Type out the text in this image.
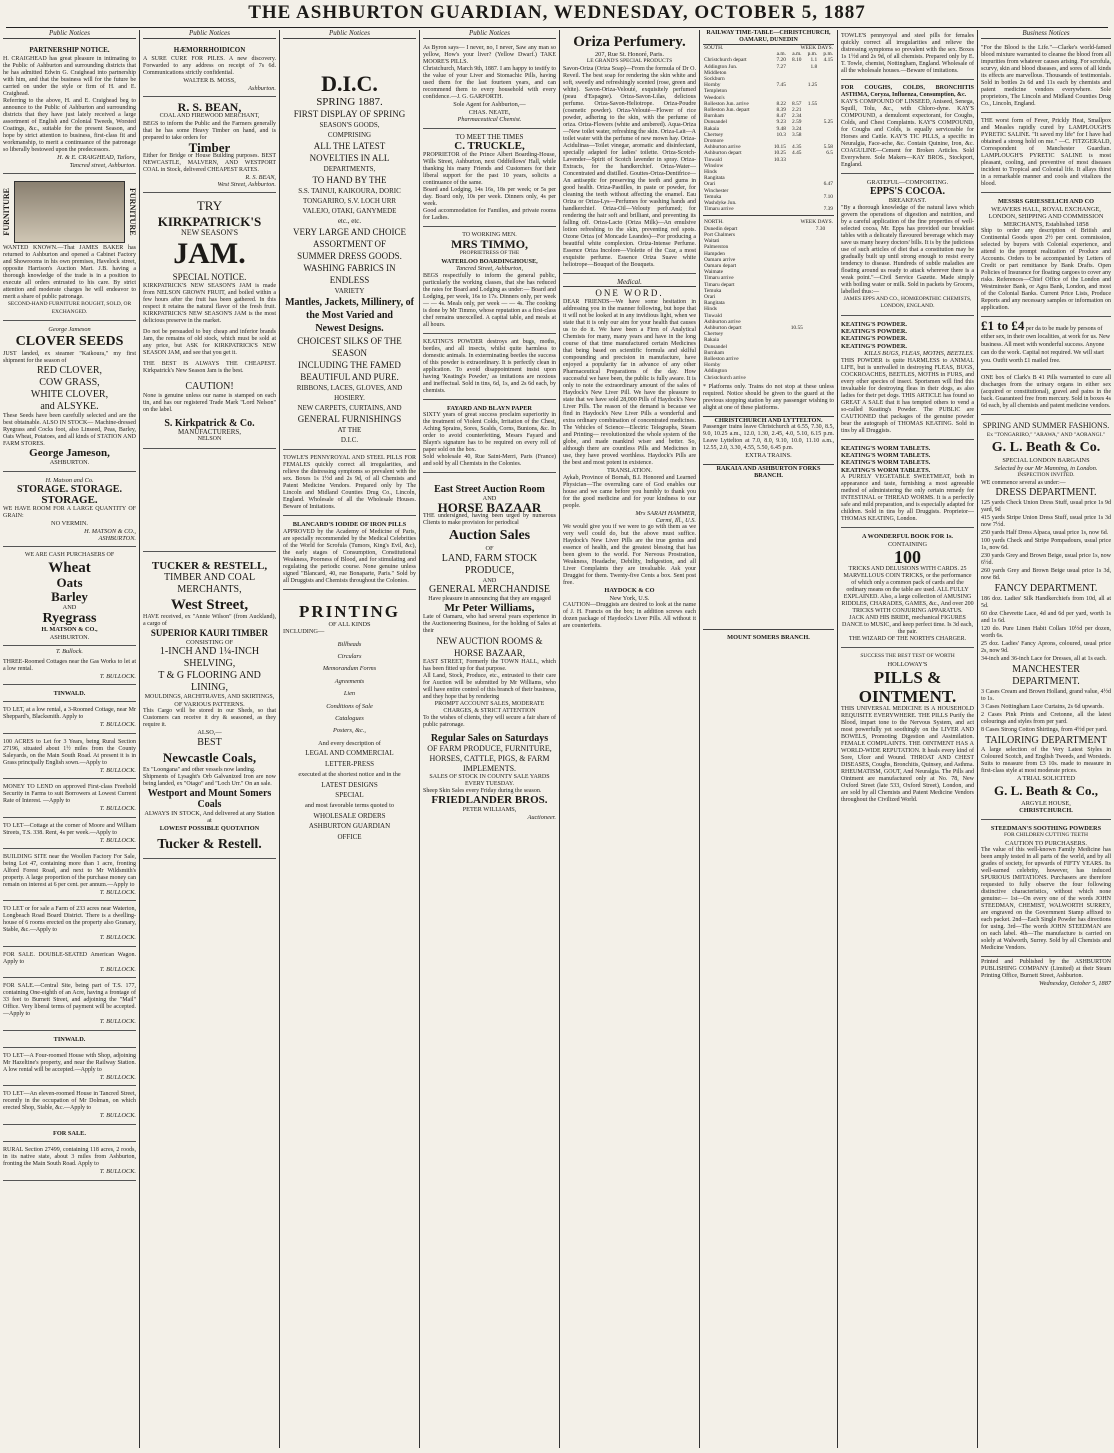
THE ASHBURTON GUARDIAN, WEDNESDAY, OCTOBER 5, 1887
Public Notices
PARTNERSHIP NOTICE.
H. CRAIGHEAD has great pleasure in intimating to the Public of Ashburton and surrounding districts that he has admitted Edwin G. Craighead into partnership with him, and that the business will for the future be carried on under the style or firm of H. and E. Craighead.
Referring to the above, H. and E. Craighead beg to announce to the Public of Ashburton and surrounding districts that they have just lately received a large assortment of English and Colonial Tweeds, Worsted Coatings, &c., suitable for the present Season, and hope by strict attention to business, first-class fit and workmanship, to merit a continuance of the patronage so liberally bestowed upon the predecessors.
H. & E. CRAIGHEAD, Tailors,
Tancred street, Ashburton.
FURNITURE	FURNITURE
WANTED KNOWN.—That JAMES BAKER has returned to Ashburton and opened a Cabinet Factory and Showrooms in his own premises, Havelock street, opposite Harrison's Auction Mart. J.B. having a thorough knowledge of the trade is in a position to execute all orders entrusted to his care. By strict attention and moderate charges he will endeavor to merit a share of public patronage.
SECOND-HAND FURNITURE BOUGHT, SOLD, OR EXCHANGED.
George Jameson
CLOVER SEEDS
JUST landed, ex steamer "Kaikoura," my first shipment for the season of
RED CLOVER,
COW GRASS,
WHITE CLOVER,
and ALSYKE.
These Seeds have been carefully selected and are the best obtainable. ALSO IN STOCK— Machine-dressed Ryegrass and Cocks foot, also Linseed, Peas, Barley, Oats Wheat, Potatoes, and all kinds of STATION AND FARM STORES.
George Jameson,
ASHBURTON.
H. Matson and Co.
STORAGE. STORAGE.
STORAGE.
WE HAVE ROOM FOR A LARGE QUANTITY OF GRAIN:
NO VERMIN.
H. MATSON & CO.,
ASHBURTON.
WE ARE CASH PURCHASERS OF
Wheat
Oats
Barley
AND
Ryegrass
H. MATSON & CO.,
ASHBURTON.
T. Bullock.
THREE-Roomed Cottages near the Gas Works to let at a low rental.
T. BULLOCK.
TINWALD.
TO LET, at a low rental, a 3-Roomed Cottage, near Mr Sheppard's, Blacksmith. Apply to
T. BULLOCK.
100 ACRES to Let for 3 Years, being Rural Section 27196, situated about 1½ miles from the County Saleyards, on the Main South Road. At present it is in Grass principally English sown.—Apply to
T. BULLOCK.
MONEY TO LEND on approved First-class Freehold Security in Farms to suit Borrowers at Lowest Current Rate of Interest. —Apply to
T. BULLOCK.
TO LET—Cottage at the corner of Moore and William Streets, T.S. 338. Rent, 4s per week.—Apply to
T. BULLOCK.
BUILDING SITE near the Woollen Factory For Sale, being Lot 47, containing more than 1 acre, fronting Alford Forest Road, and next to Mr Wildsmith's property. A large proportion of the purchase money can remain on interest at 6 per cent. per annum.—Apply to
T. BULLOCK.
TO LET or for sale a Farm of 233 acres near Waterton, Longbeach Road Board District. There is a dwelling-house of 6 rooms erected on the property also Granary, Stable, &c.—Apply to
T. BULLOCK.
FOR SALE. DOUBLE-SEATED American Wagon. Apply to
T. BULLOCK.
FOR SALE.—Central Site, being part of T.S. 177, containing One-eighth of an Acre, having a frontage of 33 feet to Burnett Street, and adjoining the "Mail" Office. Very liberal terms of payment will be accepted.—Apply to
T. BULLOCK.
TINWALD.
TO LET—A Four-roomed House with Shop, adjoining Mr Hazeltine's property, and near the Railway Station. A low rental will be accepted.—Apply to
T. BULLOCK.
TO LET—An eleven-roomed House in Tancred Street, recently in the occupation of Mr Dolman, on which erected Shop, Stable, &c.—Apply to
T. BULLOCK.
FOR SALE.
RURAL Section 27499, containing 118 acres, 2 roods, in its native state, about 3 miles from Ashburton, fronting the Main South Road. Apply to
T. BULLOCK.
Public Notices
HÆMORRHOIDICON
A SURE CURE FOR PILES. A new discovery. Forwarded to any address on receipt of 7s 6d. Communications strictly confidential.
WALTER B. MOSS,
Ashburton.
R. S. BEAN,
COAL AND FIREWOOD MERCHANT,
BEGS to inform the Public and the Farmers generally that he has some Heavy Timber on hand, and is prepared to take orders for
Timber
Either for Bridge or House Building purposes. BEST NEWCASTLE, MALVERN, AND WESTPORT COAL in Stock, delivered CHEAPEST RATES.
R. S. BEAN,
West Street, Ashburton.
TRY
KIRKPATRICK'S
NEW SEASON'S
JAM.
SPECIAL NOTICE.
KIRKPATRICK'S NEW SEASON'S JAM is made from NELSON GROWN FRUIT, and boiled within a few hours after the fruit has been gathered. In this respect it retains the natural flavor of the fresh fruit. KIRKPATRICK'S NEW SEASON'S JAM is the most delicious preserve in the market.
Do not be persuaded to buy cheap and inferior brands Jam, the remains of old stock, which must be sold at any price, but ASK for KIRKPATRICK'S NEW SEASON JAM, and see that you get it.
THE BEST IS ALWAYS THE CHEAPEST. Kirkpatrick's New Season Jam is the best.
CAUTION!
None is genuine unless our name is stamped on each tin, and has our registered Trade Mark "Lord Nelson" on the label.
S. Kirkpatrick & Co.
MANUFACTURERS,
NELSON
TUCKER & RESTELL,
TIMBER AND COAL
MERCHANTS,
West Street,
HAVE received, ex "Annie Wilson" (from Auckland), a cargo of
SUPERIOR KAURI TIMBER
CONSISTING OF
1-INCH AND 1¼-INCH
SHELVING,
T & G FLOORING AND
LINING,
MOULDINGS, ARCHITRAVES, AND SKIRTINGS,
OF VARIOUS PATTERNS.
This Cargo will be stored in our Sheds, so that Customers can receive it dry & seasoned, as they require it.
ALSO,—
BEST
Newcastle Coals,
Ex "Loongana" and other vessels now landing.
Shipments of Lysaght's Orb Galvanized Iron are now being landed, ex "Otago" and "Loch Urr." On an sale.
Westport and Mount Somers
Coals
ALWAYS IN STOCK, And delivered at any Station at
LOWEST POSSIBLE QUOTATION
Tucker & Restell.
Public Notices
D.I.C.
SPRING 1887.
FIRST DISPLAY OF SPRING
SEASON'S GOODS,
COMPRISING
ALL THE LATEST
NOVELTIES IN ALL
DEPARTMENTS,
TO HAND BY THE
S.S. TAINUI, KAIKOURA, DORIC
TONGARIRO, S.V. LOCH URR
VALEJO, OTAKI, GANYMEDE
etc., etc.
VERY LARGE AND CHOICE
ASSORTMENT OF
SUMMER DRESS GOODS.
WASHING FABRICS IN ENDLESS
VARIETY
Mantles, Jackets, Millinery, of
the Most Varied and
Newest Designs.
CHOICEST SILKS OF THE SEASON
INCLUDING THE FAMED
BEAUTIFUL AND PURE.
RIBBONS, LACES, GLOVES, AND
HOSIERY.
NEW CARPETS, CURTAINS, AND
GENERAL FURNISHINGS
AT THE
D.I.C.
TOWLE'S PENNYROYAL AND STEEL PILLS FOR FEMALES quickly correct all irregularities, and relieve the distressing symptoms so prevalent with the sex. Boxes 1s 1½d and 2s 9d, of all Chemists and Patent Medicine Vendors. Prepared only by The Lincoln and Midland Counties Drug Co., Lincoln, England. Wholesale of all the Wholesale Houses. Beware of Imitations.
BLANCARD'S IODIDE OF IRON PILLS
APPROVED by the Academy of Medicine of Paris, are specially recommended by the Medical Celebrities of the World for Scrofula (Tumors, King's Evil, &c), the early stages of Consumption, Constitutional Weakness, Poorness of Blood, and for stimulating and regulating the periodic course. None genuine unless signed "Blancard, 40, rue Bonaparte, Paris." Sold by all Druggists and Chemists throughout the Colonies.
PRINTING
OF ALL KINDS
INCLUDING—
Billheads
Circulars
Memorandum Forms
Agreements
Lien
Conditions of Sale
Catalogues
Posters, &c.,
And every description of
LEGAL AND COMMERCIAL
LETTER-PRESS
executed at the shortest notice and in the
LATEST DESIGNS
SPECIAL
and most favorable terms quoted to
WHOLESALE ORDERS
ASHBURTON GUARDIAN
OFFICE
Public Notices
As Byron says— I never, no, I never, Saw any man so yellow, How's your liver? (Yellow Dwarf.) TAKE MOORE'S PILLS.
Christchurch, March 9th, 1887. I am happy to testify to the value of your Liver and Stomachic Pills, having used them for the last fourteen years, and can recommend them to every household with every confidence.—J. G. GARFORTH.
Sole Agent for Ashburton,—
CHAS. NEATE,
Pharmaceutical Chemist.
TO MEET THE TIMES
C. TRUCKLE,
PROPRIETOR of the Prince Albert Boarding-House, Wills Street, Ashburton, next Oddfellows' Hall, while thanking his many Friends and Customers for their liberal support for the past 10 years, solicits a continuance of the same.
Board and Lodging, 14s 16s, 18s per week; or 5s per day. Board only, 10s per week. Dinners only, 4s per week.
Good accommodation for Families, and private rooms for Ladies.
TO WORKING MEN.
MRS TIMMO,
PROPRIETRESS OF THE
WATERLOO BOARDINGHOUSE,
Tancred Street, Ashburton,
BEGS respectfully to inform the general public, particularly the working classes, that she has reduced the rates for Board and Lodging as under:— Board and Lodging, per week, 16s to 17s. Dinners only, per week — — 4s. Meals only, per week — — 4s. The cooking is done by Mr Timmo, whose reputation as a first-class chef remains unexcelled. A capital table, and meals at all hours.
KEATING'S POWDER destroys ant bugs, moths, beetles, and all insects, whilst quite harmless to domestic animals. In exterminating beetles the success of this powder is extraordinary. It is perfectly clean in application. To avoid disappointment insist upon having 'Keating's Powder,' as imitations are noxious and ineffectual. Sold in tins, 6d, 1s, and 2s 6d each, by chemists.
FAYARD AND BLAYN PAPER
SIXTY years of great success proclaim superiority in the treatment of Violent Colds, Irritation of the Chest, Aching Sprains, Sores, Scalds, Corns, Bunions, &c. In order to avoid counterfeiting, Messrs Fayard and Blayn's signature has to be required on every roll of paper sold on the box.
Sold wholesale 40, Rue Saint-Merri, Paris (France) and sold by all Chemists in the Colonies.
East Street Auction Room
AND
HORSE BAZAAR
THE undersigned, having been urged by numerous Clients to make provision for periodical
Auction Sales
OF
LAND, FARM STOCK
PRODUCE,
AND
GENERAL MERCHANDISE
Have pleasure in announcing that they are engaged
Mr Peter Williams,
Late of Oamaru, who had several years experience in the Auctioneering Business, for the holding of Sales at their
NEW AUCTION ROOMS &
HORSE BAZAAR,
EAST STREET, Formerly the TOWN HALL, which has been fitted up for that purpose.
All Land, Stock, Produce, etc., entrusted to their care for Auction will be submitted by Mr Williams, who will have entire control of this branch of their business, and they hope that by rendering
PROMPT ACCOUNT SALES, MODERATE CHARGES, & STRICT ATTENTION
To the wishes of clients, they will secure a fair share of public patronage.
Regular Sales on Saturdays
OF FARM PRODUCE, FURNITURE, HORSES, CATTLE, PIGS, & FARM IMPLEMENTS.
SALES OF STOCK IN COUNTY SALE YARDS EVERY TUESDAY.
Sheep Skin Sales every Friday during the season.
FRIEDLANDER BROS.
PETER WILLIAMS,
Auctioneer.
Oriza Perfumery.
207, Rue St. Honoré, Paris.
LE GRAND'S SPECIAL PRODUCTS
Savon-Oriza (Oriza Soap)—From the formula of Dr O. Reveil. The best soap for rendering the skin white and soft, sweetly and refreshingly scented (rose, green and white). Savon-Oriza-Velouté, exquisitely perfumed (peau d'Espagne). Oriza-Savon-Lilas, delicious perfume. Oriza-Savon-Heliotrope. Oriza-Poudre (cosmetic powder). Oriza-Velouté—Flower of rice powder, adhering to the skin, with the perfume of oriza. Oriza-Flowers (white and ambered). Aqua-Oriza—New toilet water, refreshing the skin. Oriza-Lait—A toilet water with the perfume of new mown hay. Oriza-Acidulinas—Toilet vinegar, aromatic and disinfectant, specially adapted for ladies' toilette. Oriza-Scotch-Lavender—Spirit of Scotch lavender in spray. Oriza-Extracts, for the handkerchief. Oriza-Water—Concentrated and distilled. Gouttes-Oriza-Dentifrice—An antiseptic for preserving the teeth and gums in good health. Oriza-Pastilles, in paste or powder, for cleaning the teeth without affecting the enamel. Eau Oriza or Oriza-Lys—Perfumes for washing hands and handkerchief. Oriza-Oil—Velouty perfumed; for rendering the hair soft and brilliant, and preventing its falling off. Oriza-Lacto (Oriza Milk)—An emulsive lotion refreshing to the skin, preventing red spots. Ozone Oriza (of Moncade Leandes)—For producing a beautiful white complexion. Oriza-Intense Perfume. Essence Oriza Incolore—Violette of the Czar, a most exquisite perfume. Essence Oriza Suave white heliotrope—Bouquet of the Bouquets.
Medical.
ONE WORD.
DEAR FRIENDS—We have some hesitation in addressing you in the manner following, but hope that it will not be looked at in any invidious light, when we state that it is only our aim for your health that causes us to do it. We have been a Firm of Analytical Chemists for many, many years and have in the long course of that time manufactured certain Medicines that being based on scientific formula and skilful compounding and precision in manufacture, have enjoyed a popularity far in advance of any other Pharmaceutical Preparations of the day. How successful we have been, the public is fully aware. It is only to note the extraordinary amount of the sales of Haydock's New Liver Pill. We have the pleasure to state that we have sold 28,000 Pills of Haydock's New Liver Pills. The reason of the demand is because we find in Haydock's New Liver Pills a wonderful and extra ordinary combination of concentrated medicines. The Vehicles of Science—Electric Telegraphs, Steam and Printing— revolutionized the whole system of the globe, and made mankind wiser and better. So, although there are countless Pills and Medicines in use, they have proved worthless. Haydock's Pills are the best and most potent in existence.
TRANSLATION.
Aykab, Province of Bornah, B.I. Honored and Learned Physician—The overruling care of God enables our house and we came before you humbly to thank you for the good medicine and for your kindness to our people.
Mrs SARAH HAMMER,
Carmi, Ill., U.S.
We would give you if we were to go with them as we very well could do, but the above must suffice. Haydock's New Liver Pills are the true genius and essence of health, and the greatest blessing that has been given to the world. For Nervous Prostration, Weakness, Headache, Debility, Indigestion, and all Liver Complaints they are invaluable. Ask your Druggist for them. Twenty-five Cents a box. Sent post free.
HAYDOCK & CO
New York, U.S.
CAUTION—Druggists are desired to look at the name of J. H. Francis on the box; in addition screws each dozen package of Haydock's Liver Pills. All without it are counterfeits.
RAILWAY TIME-TABLE—CHRISTCHURCH, OAMARU, DUNEDIN
SOUTH.	WEEK DAYS.			
	a.m.	a.m.	p.m.	p.m.
Christchurch depart	7.20	8.10	1.1	4.15
Addington Jun.	7.27		1.8	
Middleton				
Sockburn				
Hornby	7.45		1.25	
Templeton				
Weedon's				
Rolleston Jun. arrive	8.22	8.57	1.55	
Rolleston Jun. depart	8.39	2.21		
Burnham	8.47	2.34		
Dunsandel	9.23	2.59		5.25
Rakaia	9.48	3.24		
Chertsey	10.3	3.58		
Dromore				
Ashburton arrive	10.15	4.35		5.58
Ashburton depart	10.25	4.45		6.5
Tinwald	10.33			
Winslow				
Hinds				
Rangitata				
Orari				6.47
Winchester				
Temuka				7.10
Washdyke Jun.				
Timaru arrive				7.39
NORTH.	WEEK DAYS.			
Dunedin depart		7.30		
Port Chalmers				
Waitati				
Palmerston				
Hampden				
Oamaru arrive				
Oamaru depart				
Waimate				
Timaru arrive				
Timaru depart				
Temuka				
Orari				
Rangitata				
Hinds				
Tinwald				
Ashburton arrive				
Ashburton depart	10.55			
Chertsey				
Rakaia				
Dunsandel				
Burnham				
Rolleston arrive				
Hornby				
Addington				
Christchurch arrive				
* Platforms only. Trains do not stop at these unless required. Notice should be given to the guard at the previous stopping station by any passenger wishing to alight at one of these platforms.
CHRISTCHURCH AND LYTTELTON.
Passenger trains leave Christchurch at 6.55, 7.30, 8.5, 9.0, 10.25 a.m., 12.0, 1.30, 2.45, 4.0, 5.10, 6.15 p.m. Leave Lyttelton at 7.0, 8.0, 9.10, 10.0, 11.10 a.m., 12.55, 2.0, 3.30, 4.55, 5.50, 6.45 p.m.
EXTRA TRAINS.
RAKAIA AND ASHBURTON FORKS BRANCH.
MOUNT SOMERS BRANCH.
TOWLE'S pennyroyal and steel pills for females quickly correct all irregularities and relieve the distressing symptoms so prevalent with the sex. Boxes 1s 1½d and 2s 9d, of all chemists. Prepared only by E. T. Towle, chemist, Nottingham, England. Wholesale of all the wholesale houses.—Beware of imitations.
FOR COUGHS, COLDS, BRONCHITIS ASTHMA, Coryza, Influenza, Consumption, &c.
KAY'S COMPOUND OF LINSEED, Aniseed, Senega, Squill, Tolu, &c., with Chloro-dyne. KAY'S COMPOUND, a demulcent expectorant, for Coughs, Colds, and Chest Complaints. KAY'S COMPOUND, for Coughs and Colds, is equally serviceable for Horses and Cattle. KAY'S TIC PILLS, a specific in Neuralgia, Face-ache, &c. Contain Quinine, Iron, &c. COAGULINE—Cement for Broken Articles. Sold Everywhere. Sole Makers—KAY BROS., Stockport, England.
GRATEFUL—COMFORTING.
EPPS'S COCOA.
BREAKFAST.
"By a thorough knowledge of the natural laws which govern the operations of digestion and nutrition, and by a careful application of the fine properties of well-selected cocoa, Mr. Epps has provided our breakfast tables with a delicately flavoured beverage which may save us many heavy doctors' bills. It is by the judicious use of such articles of diet that a constitution may be gradually built up until strong enough to resist every tendency to disease. Hundreds of subtle maladies are floating around us ready to attack wherever there is a weak point."—Civil Service Gazette. Made simply with boiling water or milk. Sold in packets by Grocers, labelled thus:—
JAMES EPPS AND CO., HOMŒOPATHIC CHEMISTS, LONDON, ENGLAND.
KEATING'S POWDER.
KEATING'S POWDER.
KEATING'S POWDER.
KEATING'S POWDER.
KILLS BUGS, FLEAS, MOTHS, BEETLES.
THIS POWDER is quite HARMLESS to ANIMAL LIFE, but is unrivalled in destroying FLEAS, BUGS, COCKROACHES, BEETLES, MOTHS in FURS, and every other species of insect. Sportsmen will find this invaluable for destroying fleas in their dogs, as also ladies for their pet dogs. THIS ARTICLE has found so GREAT A SALE that it has tempted others to vend a so-called Keating's Powder. The PUBLIC are CAUTIONED that packages of the genuine powder bear the autograph of THOMAS KEATING. Sold in tins by all Druggists.
KEATING'S WORM TABLETS.
KEATING'S WORM TABLETS.
KEATING'S WORM TABLETS.
KEATING'S WORM TABLETS.
A PURELY VEGETABLE SWEETMEAT, both in appearance and taste, furnishing a most agreeable method of administering the only certain remedy for INTESTINAL or THREAD WORMS. It is a perfectly safe and mild preparation, and is especially adapted for children. Sold in tins by all Druggists. Proprietor—THOMAS KEATING, London.
A WONDERFUL BOOK FOR 1s.
CONTAINING
100
TRICKS AND DELUSIONS WITH CARDS. 25 MARVELLOUS COIN TRICKS, or the performance of which only a common pack of cards and the ordinary means on the table are used. ALL FULLY EXPLAINED. Also, a large collection of AMUSING RIDDLES, CHARADES, GAMES, &c., And over 200 TRICKS WITH CONJURING APPARATUS.
JACK AND HIS BRIDE, mechanical FIGURES DANCE to MUSIC, and keep perfect time. Is 3d each, the pair.
THE WIZARD OF THE NORTH'S CHARGER.
SUCCESS THE BEST TEST OF WORTH
HOLLOWAY'S
PILLS & OINTMENT.
THIS UNIVERSAL MEDICINE IS A HOUSEHOLD REQUISITE EVERYWHERE. THE PILLS Purify the Blood, impart tone to the Nervous System, and act most powerfully yet soothingly on the LIVER AND BOWELS, Promoting Digestion and Assimilation. FEMALE COMPLAINTS. THE OINTMENT HAS A WORLD-WIDE REPUTATION. It heals every kind of Sore, Ulcer and Wound. THROAT AND CHEST DISEASES, Coughs, Bronchitis, Quinsey, and Asthma. RHEUMATISM, GOUT, And Neuralgia. The Pills and Ointment are manufactured only at No. 78, New Oxford Street (late 533, Oxford Street), London, and are sold by all Chemists and Patent Medicine Vendors throughout the Civilized World.
Business Notices
"For the Blood is the Life."—Clarke's world-famed blood mixture warranted to cleanse the blood from all impurities from whatever causes arising. For scrofula, scurvy, skin and blood diseases, and sores of all kinds its effects are marvellous. Thousands of testimonials. Sold in bottles 2s 6d and 11s each by chemists and patent medicine vendors everywhere. Sole proprietors, The Lincoln and Midland Counties Drug Co., Lincoln, England.
THE worst form of Fever, Prickly Heat, Smallpox and Measles rapidly cured by LAMPLOUGH'S PYRETIC SALINE. "It saved my life" for I have had obtained a strong hold on me." —C. FITZGERALD, Correspondent of Manchester Guardian. LAMPLOUGH'S PYRETIC SALINE is most pleasant, cooling, and preventive of most diseases incident to Tropical and Colonial life. It allays thirst in a remarkable manner and cools and vitalizes the blood.
MESSRS GRIESSELICH AND CO
WEAVERS HALL, ROYAL EXCHANGE, LONDON, SHIPPING AND COMMISSION MERCHANTS, Established 1858
Ship to order any description of British and Continental Goods upon 2½ per cent. commission, selected by buyers with Colonial experience, and attend to the prompt realization of Produce and Accounts. Orders to be accompanied by Letters of Credit or part remittance by Bank Drafts. Open Policies of Insurance for floating cargoes to cover any risks. References—Chief Office of the London and Westminster Bank, or Agra Bank, London, and most of the Colonial Banks. Current Price Lists, Produce Reports and any necessary samples or information on application.
£1 to £4 per da to be made by persons of either sex, in their own localities, at work for us. New business. All meet with wonderful success. Anyone can do the work. Capital not required. We will start you. Outfit worth £1 mailed free.
ONE box of Clark's B 41 Pills warranted to cure all discharges from the urinary organs in either sex (acquired or constitutional), gravel and pains in the back. Guaranteed free from mercury. Sold in boxes 4s 6d each, by all chemists and patent medicine vendors.
SPRING AND SUMMER FASHIONS.
Ex "TONGARIRO," "ARAWA," AND "AORANGI."
G. L. Beath & Co.
SPECIAL LONDON BARGAINS
Selected by our Mr Manning, in London.
INSPECTION INVITED.
WE commence several as under:—
DRESS DEPARTMENT.
125 yards Check Union Dress Stuff, usual price 1s 9d yard, 9d
415 yards Stripe Union Dress Stuff, usual price 1s 3d now 7½d.
250 yards Half Dress Alpaca, usual price 1s, now 6d.
100 yards Check and Stripe Pompadours, usual price 1s, now 6d.
230 yards Grey and Brown Beige, usual price 1s, now 6½d.
260 yards Grey and Brown Beige usual price 1s 3d, now 8d.
FANCY DEPARTMENT.
186 doz. Ladies' Silk Handkerchiefs from 10d, all at 5d.
60 doz Chevrette Lace, 4d and 6d per yard, worth 1s and 1s 6d.
120 do. Pure Linen Habit Collars 10½d per dozen, worth 6s.
25 doz. Ladies' Fancy Aprons, coloured, usual price 2s, now 9d.
34-inch and 36-inch Lace for Dresses, all at 1s each.
MANCHESTER DEPARTMENT.
3 Cases Cream and Brown Holland, grand value, 4½d to 1s.
3 Cases Nottingham Lace Curtains, 2s 6d upwards.
2 Cases Pink Prints and Cretonne, all the latest colourings and styles from per yard.
8 Cases Strong Cotton Shirtings, from 4½d per yard.
TAILORING DEPARTMENT
A large selection of the Very Latest Styles in Coloured Scotch, and English Tweeds, and Worsteds. Suits to measure from £3 10s. made to measure in first-class style at most moderate prices.
A TRIAL SOLICITED
G. L. Beath & Co.,
ARGYLE HOUSE,
CHRISTCHURCH.
STEEDMAN'S SOOTHING POWDERS
FOR CHILDREN CUTTING TEETH
CAUTION TO PURCHASERS.
The value of this well-known Family Medicine has been amply tested in all parts of the world, and by all grades of society, for upwards of FIFTY YEARS. Its well-earned celebrity, however, has induced SPURIOUS IMITATIONS. Purchasers are therefore requested to fully observe the four following distinctive characteristics, without which none genuine:— 1st—On every one of the words JOHN STEEDMAN, CHEMIST, WALWORTH SURREY, are engraved on the Government Stamp affixed to each packet. 2nd—Each Single Powder has directions for using. 3rd—The words JOHN STEEDMAN are on each label. 4th—The manufacture is carried on solely at Walworth, Surrey. Sold by all Chemists and Medicine Vendors.
Printed and Published by the ASHBURTON PUBLISHING COMPANY (Limited) at their Steam Printing Office, Burnett Street, Ashburton.
Wednesday, October 5, 1887
